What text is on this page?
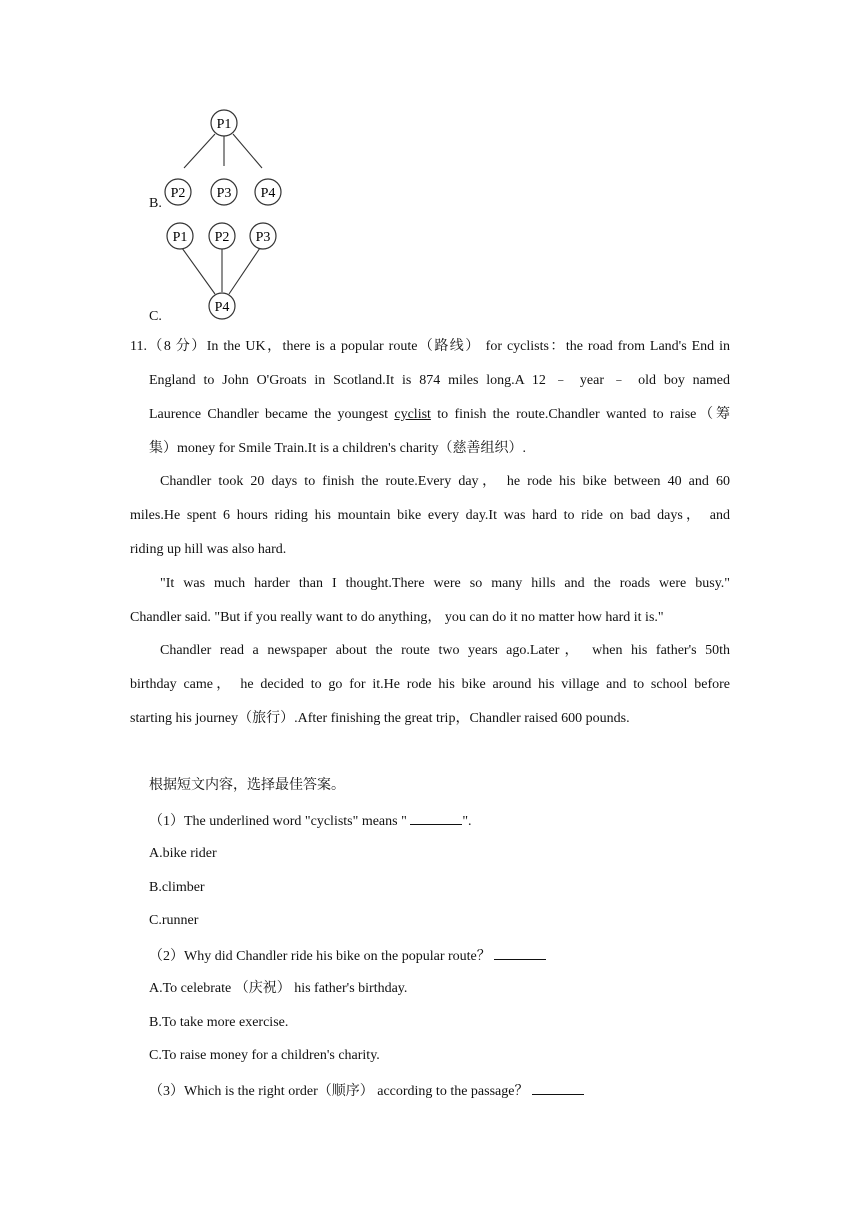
P1
P2 P3 P4
B.
P1 P2 P3
P4
C.
11.（8 分）In the UK，there is a popular route（路线） for cyclists：the road from Land's End in
England to John O'Groats in Scotland.It is 874 miles long.A 12 ﹣ year ﹣ old boy named
Laurence Chandler became the youngest cyclist to finish the route.Chandler wanted to raise（筹
集）money for Smile Train.It is a children's charity（慈善组织）.
Chandler took 20 days to finish the route.Every day， he rode his bike between 40 and 60
miles.He spent 6 hours riding his mountain bike every day.It was hard to ride on bad days， and
riding up hill was also hard.
"It was much harder than I thought.There were so many hills and the roads were busy."
Chandler said. "But if you really want to do anything， you can do it no matter how hard it is."
Chandler read a newspaper about the route two years ago.Later， when his father's 50th
birthday came， he decided to go for it.He rode his bike around his village and to school before
starting his journey（旅行）.After finishing the great trip，Chandler raised 600 pounds.
根据短文内容，选择最佳答案。
（1）The underlined word "cyclists" means "	".
A.bike rider
B.climber
C.runner
（2）Why did Chandler ride his bike on the popular route？
A.To celebrate （庆祝） his father's birthday.
B.To take more exercise.
C.To raise money for a children's charity.
（3）Which is the right order（顺序） according to the passage？
